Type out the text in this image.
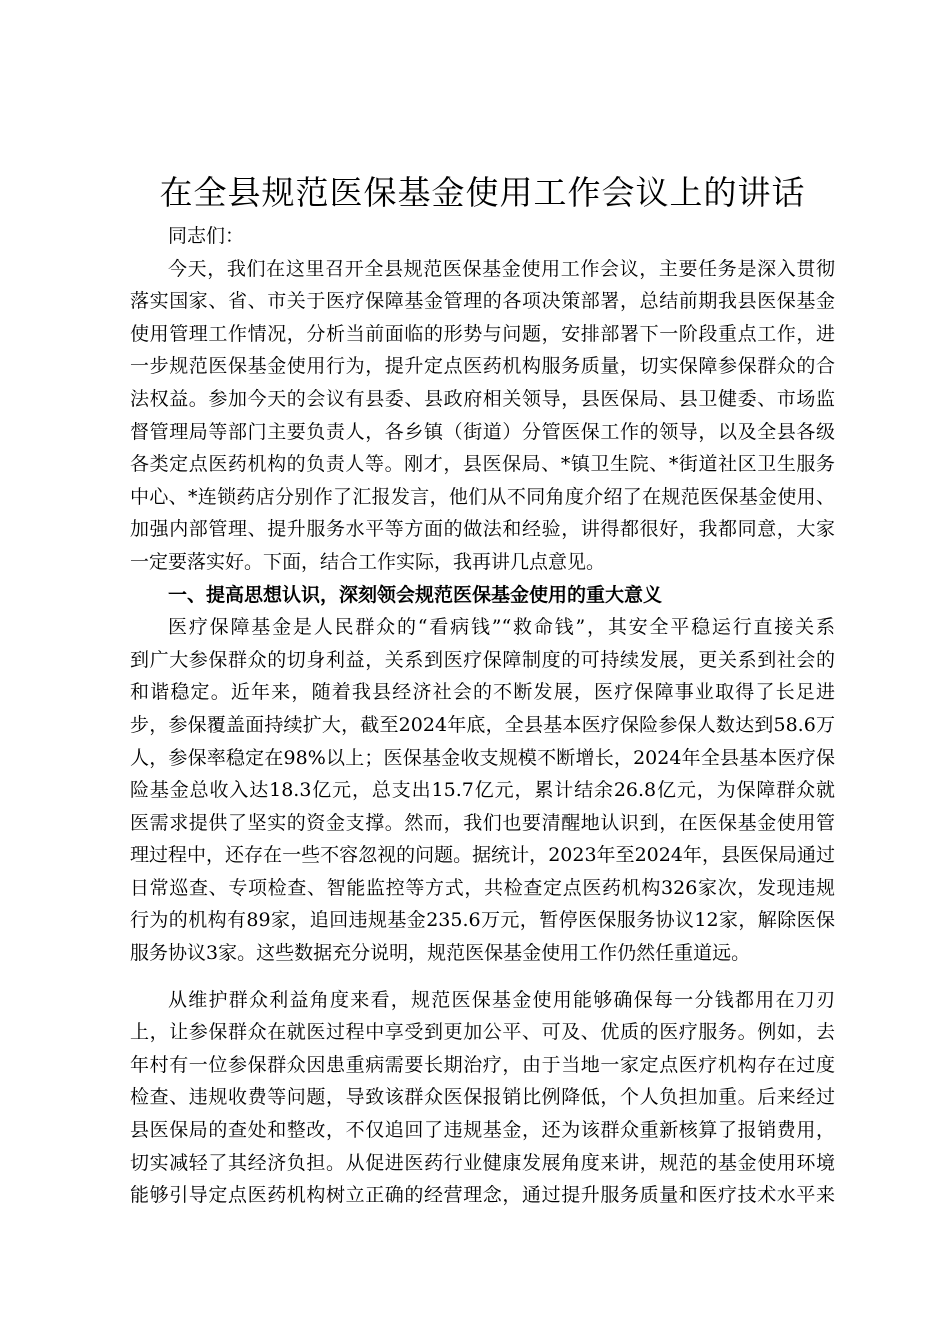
在全县规范医保基金使用工作会议上的讲话
同志们：
今天，我们在这里召开全县规范医保基金使用工作会议，主要任务是深入贯彻
落实国家、省、市关于医疗保障基金管理的各项决策部署，总结前期我县医保基金
使用管理工作情况，分析当前面临的形势与问题，安排部署下一阶段重点工作，进
一步规范医保基金使用行为，提升定点医药机构服务质量，切实保障参保群众的合
法权益。参加今天的会议有县委、县政府相关领导，县医保局、县卫健委、市场监
督管理局等部门主要负责人，各乡镇（街道）分管医保工作的领导，以及全县各级
各类定点医药机构的负责人等。刚才，县医保局、*镇卫生院、*街道社区卫生服务
中心、*连锁药店分别作了汇报发言，他们从不同角度介绍了在规范医保基金使用、
加强内部管理、提升服务水平等方面的做法和经验，讲得都很好，我都同意，大家
一定要落实好。下面，结合工作实际，我再讲几点意见。
一、提高思想认识，深刻领会规范医保基金使用的重大意义
医疗保障基金是人民群众的“看病钱”“救命钱”，其安全平稳运行直接关系
到广大参保群众的切身利益，关系到医疗保障制度的可持续发展，更关系到社会的
和谐稳定。近年来，随着我县经济社会的不断发展，医疗保障事业取得了长足进
步，参保覆盖面持续扩大，截至2024年底，全县基本医疗保险参保人数达到58.6万
人，参保率稳定在98%以上；医保基金收支规模不断增长，2024年全县基本医疗保
险基金总收入达18.3亿元，总支出15.7亿元，累计结余26.8亿元，为保障群众就
医需求提供了坚实的资金支撑。然而，我们也要清醒地认识到，在医保基金使用管
理过程中，还存在一些不容忽视的问题。据统计，2023年至2024年，县医保局通过
日常巡查、专项检查、智能监控等方式，共检查定点医药机构326家次，发现违规
行为的机构有89家，追回违规基金235.6万元，暂停医保服务协议12家，解除医保
服务协议3家。这些数据充分说明，规范医保基金使用工作仍然任重道远。
从维护群众利益角度来看，规范医保基金使用能够确保每一分钱都用在刀刃
上，让参保群众在就医过程中享受到更加公平、可及、优质的医疗服务。例如，去
年村有一位参保群众因患重病需要长期治疗，由于当地一家定点医疗机构存在过度
检查、违规收费等问题，导致该群众医保报销比例降低，个人负担加重。后来经过
县医保局的查处和整改，不仅追回了违规基金，还为该群众重新核算了报销费用，
切实减轻了其经济负担。从促进医药行业健康发展角度来讲，规范的基金使用环境
能够引导定点医药机构树立正确的经营理念，通过提升服务质量和医疗技术水平来
